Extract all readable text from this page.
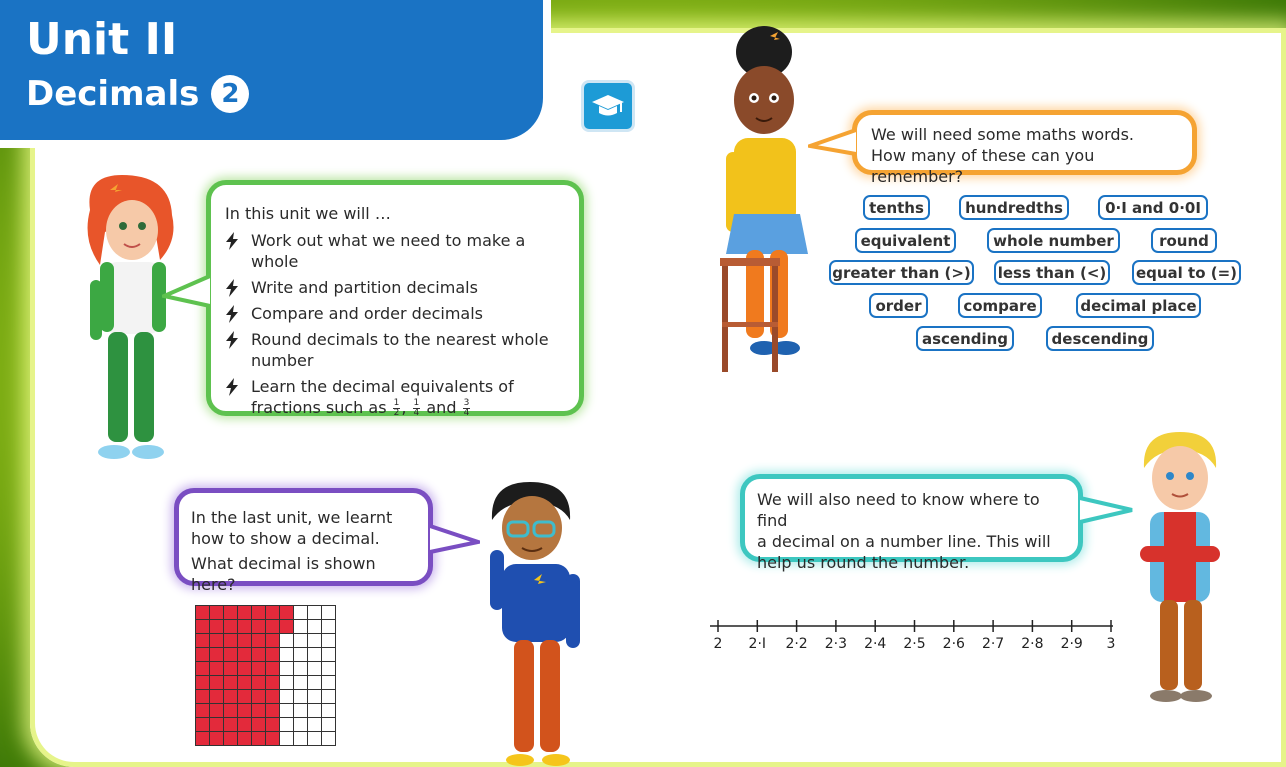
Unit II
Decimals 2
In this unit we will …
Work out what we need to make a whole
Write and partition decimals
Compare and order decimals
Round decimals to the nearest whole number
Learn the decimal equivalents of fractions such as $\frac{1}{2}$ , $\frac{1}{4}$ and $\frac{3}{4}$
We will need some maths words.
How many of these can you remember?
tenths	hundredths	0·I and 0·0I
equivalent	whole number	round
greater than (>) less than (<) equal to (=)
order	compare	decimal place
ascending	descending
In the last unit, we learnt
how to show a decimal.
What decimal is shown here?
We will also need to know where to find
a decimal on a number line. This will
help us round the number.
2 2·I 2·2 2·3 2·4 2·5 2·6 2·7 2·8 2·9 3
